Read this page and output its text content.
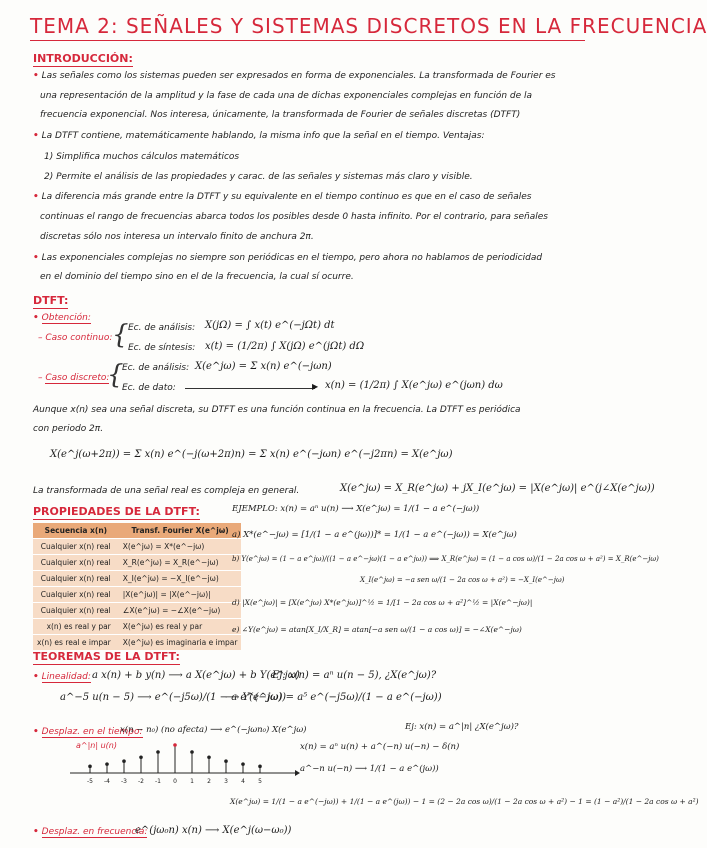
TEMA 2: SEÑALES Y SISTEMAS DISCRETOS EN LA FRECUENCIA
INTRODUCCIÓN:
• Las señales como los sistemas pueden ser expresados en forma de exponenciales. La transformada de Fourier es
una representación de la amplitud y la fase de cada una de dichas exponenciales complejas en función de la
frecuencia exponencial. Nos interesa, únicamente, la transformada de Fourier de señales discretas (DTFT)
• La DTFT contiene, matemáticamente hablando, la misma info que la señal en el tiempo. Ventajas:
1) Simplifica muchos cálculos matemáticos
2) Permite el análisis de las propiedades y carac. de las señales y sistemas más claro y visible.
• La diferencia más grande entre la DTFT y su equivalente en el tiempo continuo es que en el caso de señales
continuas el rango de frecuencias abarca todos los posibles desde 0 hasta infinito. Por el contrario, para señales
discretas sólo nos interesa un intervalo finito de anchura 2π.
• Las exponenciales complejas no siempre son periódicas en el tiempo, pero ahora no hablamos de periodicidad
en el dominio del tiempo sino en el de la frecuencia, la cual sí ocurre.
DTFT:
• Obtención:
– Caso continuo: { Ec. de análisis: X(jΩ) = ∫ x(t) e^(−jΩt) dt
Ec. de síntesis: x(t) = (1/2π) ∫ X(jΩ) e^(jΩt) dΩ
– Caso discreto:
{
Ec. de análisis: X(e^jω) = Σ x(n) e^(−jωn)
Ec. de dato:	▶ x(n) = (1/2π) ∫ X(e^jω) e^(jωn) dω
Aunque x(n) sea una señal discreta, su DTFT es una función continua en la frecuencia. La DTFT es periódica
con periodo 2π.
X(e^j(ω+2π)) = Σ x(n) e^(−j(ω+2π)n) = Σ x(n) e^(−jωn) e^(−j2πn) = X(e^jω)
La transformada de una señal real es compleja en general.	X(e^jω) = X_R(e^jω) + jX_I(e^jω) = |X(e^jω)| e^(j∠X(e^jω))
PROPIEDADES DE LA DTFT:
Secuencia x(n)	Transf. Fourier X(e^jω)
Cualquier x(n) real	X(e^jω) = X*(e^−jω)
Cualquier x(n) real	X_R(e^jω) = X_R(e^−jω)
Cualquier x(n) real	X_I(e^jω) = −X_I(e^−jω)
Cualquier x(n) real	|X(e^jω)| = |X(e^−jω)|
Cualquier x(n) real	∠X(e^jω) = −∠X(e^−jω)
x(n) es real y par	X(e^jω) es real y par
x(n) es real e impar	X(e^jω) es imaginaria e impar
EJEMPLO: x(n) = aⁿ u(n) ⟶ X(e^jω) = 1/(1 − a e^(−jω))
a) X*(e^−jω) = [1/(1 − a e^(jω))]* = 1/(1 − a e^(−jω)) = X(e^jω)
b) Y(e^jω) = (1 − a e^jω)/((1 − a e^−jω)(1 − a e^jω)) ⟹ X_R(e^jω) = (1 − a cos ω)/(1 − 2a cos ω + a²) = X_R(e^−jω)
X_I(e^jω) = −a sen ω/(1 − 2a cos ω + a²) = −X_I(e^−jω)
d) |X(e^jω)| = [X(e^jω) X*(e^jω)]^½ = 1/[1 − 2a cos ω + a²]^½ = |X(e^−jω)|
e) ∠Y(e^jω) = atan[X_I/X_R] = atan[−a sen ω/(1 − a cos ω)] = −∠X(e^−jω)
TEOREMAS DE LA DTFT:
• Linealidad: a x(n) + b y(n) ⟶ a X(e^jω) + b Y(e^jω)
Ej: x(n) = aⁿ u(n − 5), ¿X(e^jω)?
a^−5 u(n − 5) ⟶ e^(−j5ω)/(1 − a e^(−jω))
⟶ Y(e^jω) = a⁵ e^(−j5ω)/(1 − a e^(−jω))
• Desplaz. en el tiempo:
x(n − n₀) (no afecta) ⟶ e^(−jωn₀) X(e^jω)	Ej: x(n) = a^|n| ¿X(e^jω)?
x(n) = aⁿ u(n) + a^(−n) u(−n) − δ(n)
a^−n u(−n) ⟶ 1/(1 − a e^(jω))
a^|n| u(n)
-5 -4 -3 -2 -1 0 1 2 3 4 5
X(e^jω) = 1/(1 − a e^(−jω)) + 1/(1 − a e^(jω)) − 1 = (2 − 2a cos ω)/(1 − 2a cos ω + a²) − 1 = (1 − a²)/(1 − 2a cos ω + a²)
• Desplaz. en frecuencia:
e^(jω₀n) x(n) ⟶ X(e^j(ω−ω₀))
